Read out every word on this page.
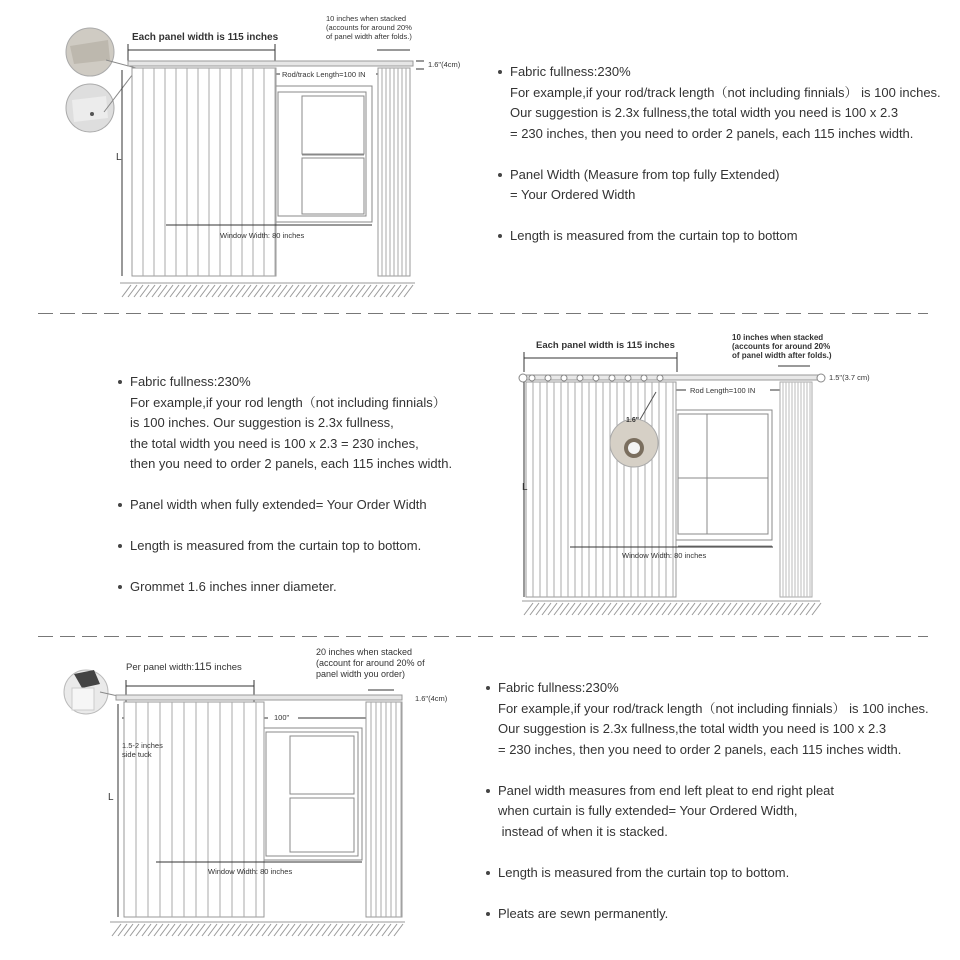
Each panel width is 115 inches
10 inches when stacked (accounts for around 20% of panel width after folds.)
1.6"(4cm)
Rod/track Length=100 IN
L
Window Width: 80 inches
Fabric fullness:230%
For example,if your rod/track length（not including finnials） is 100 inches.
Our suggestion is 2.3x fullness,the total width you need is 100 x 2.3
= 230 inches, then you need to order 2 panels, each 115 inches width.
Panel Width (Measure from top fully Extended)
= Your Ordered Width
Length is measured from the curtain top to bottom
Fabric fullness:230%
For example,if your rod length（not including finnials）
is 100 inches. Our suggestion is 2.3x fullness,
the total width you need is 100 x 2.3 = 230 inches,
then you need to order 2 panels, each 115 inches width.
Panel width when fully extended= Your Order Width
Length is measured from the curtain top to bottom.
Grommet 1.6 inches inner diameter.
Each panel width is 115 inches
10 inches when stacked (accounts for around 20% of panel width after folds.)
1.5"(3.7 cm)
Rod Length=100 IN
1.6"
L
Window Width: 80 inches
Per panel width:115 inches
20 inches when stacked (account for around 20% of panel width you order)
1.6"(4cm)
100"
1.5-2 inches side tuck
L
Window Width: 80 inches
Fabric fullness:230%
For example,if your rod/track length（not including finnials） is 100 inches.
Our suggestion is 2.3x fullness,the total width you need is 100 x 2.3
= 230 inches, then you need to order 2 panels, each 115 inches width.
Panel width measures from end left pleat to end right pleat
when curtain is fully extended= Your Ordered Width,
instead of when it is stacked.
Length is measured from the curtain top to bottom.
Pleats are sewn permanently.
